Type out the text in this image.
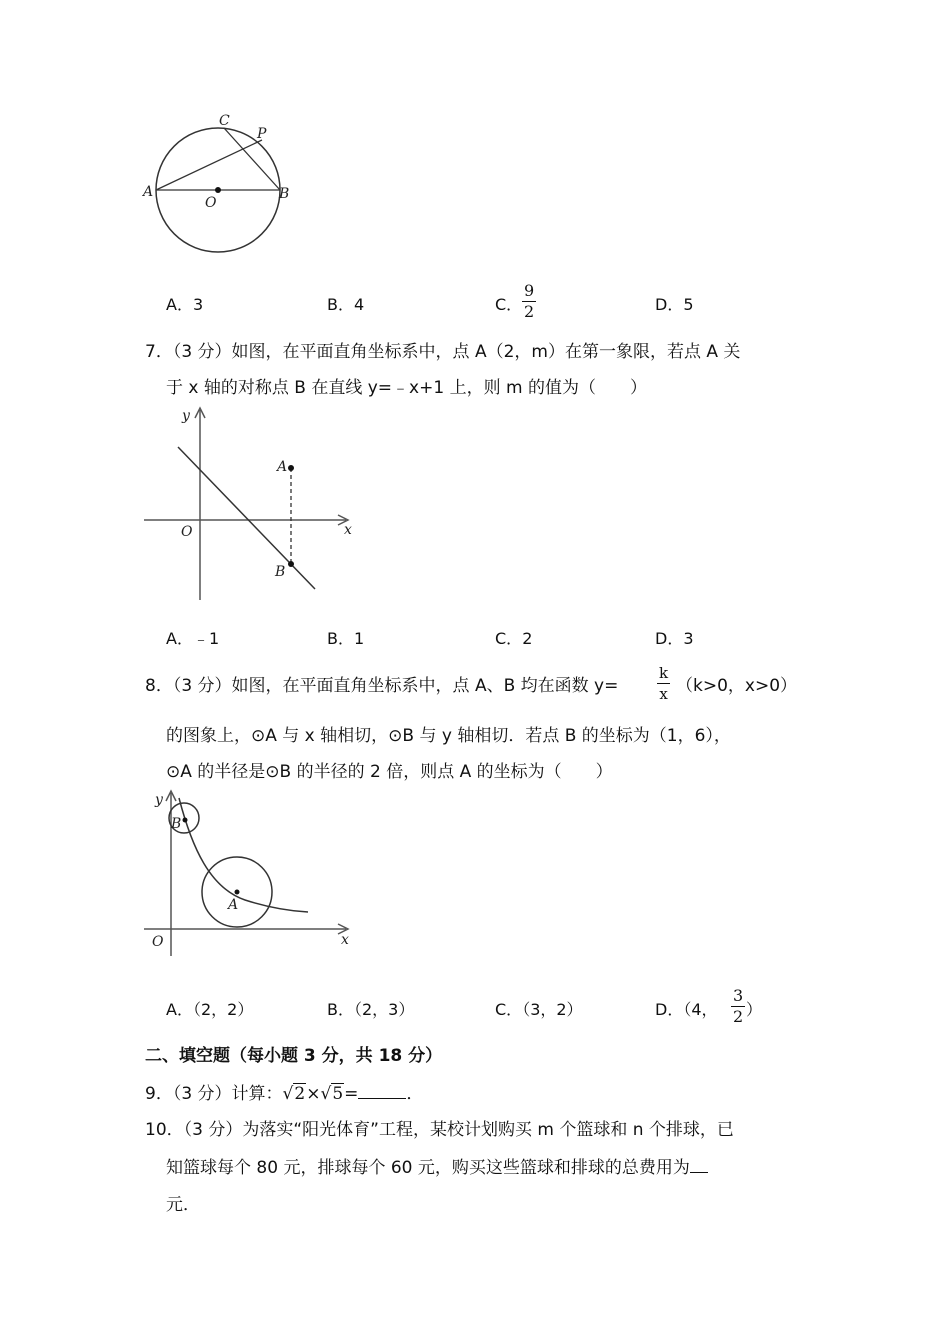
A	B
C
P
O
A．3	B．4	C． $\frac{9}{2}$	D．5
7．（3 分）如图，在平面直角坐标系中，点 A（2，m）在第一象限，若点 A 关
于 x 轴的对称点 B 在直线 y=﹣x+1 上，则 m 的值为（　　）
y
x
O
A
B
A．﹣1	B．1	C．2	D．3
8．（3 分）如图，在平面直角坐标系中，点 A、B 均在函数 y=	$\frac{k}{x} (k>0$，x>0）
的图象上，⊙A 与 x 轴相切，⊙B 与 y 轴相切．若点 B 的坐标为（1，6），
⊙A 的半径是⊙B 的半径的 2 倍，则点 A 的坐标为（　　）
y
x
O
A
B
A．（2，2）	B．（2，3）	C．（3，2）	D．（4， $\frac{3}{2}$ ）
二、填空题（每小题 3 分，共 18 分）
9．（3 分）计算：√2×√5=	．
10．（3 分）为落实“阳光体育”工程，某校计划购买 m 个篮球和 n 个排球，已
知篮球每个 80 元，排球每个 60 元，购买这些篮球和排球的总费用为
元．
